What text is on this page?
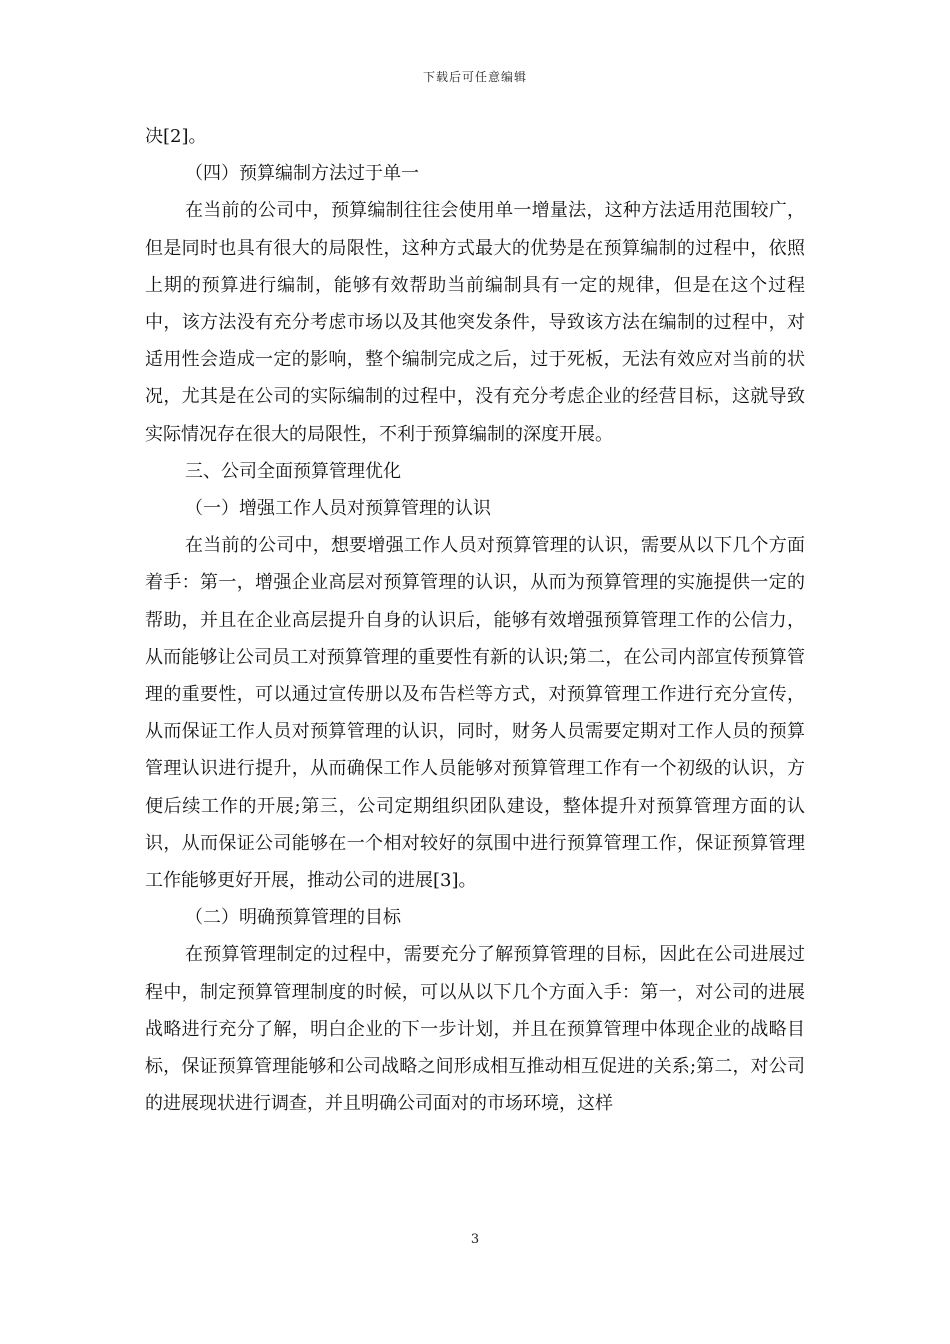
下载后可任意编辑

决[2]。

（四）预算编制方法过于单一

在当前的公司中，预算编制往往会使用单一增量法，这种方法适用范围较广，但是同时也具有很大的局限性，这种方式最大的优势是在预算编制的过程中，依照上期的预算进行编制，能够有效帮助当前编制具有一定的规律，但是在这个过程中，该方法没有充分考虑市场以及其他突发条件，导致该方法在编制的过程中，对适用性会造成一定的影响，整个编制完成之后，过于死板，无法有效应对当前的状况，尤其是在公司的实际编制的过程中，没有充分考虑企业的经营目标，这就导致实际情况存在很大的局限性，不利于预算编制的深度开展。

三、公司全面预算管理优化

（一）增强工作人员对预算管理的认识

在当前的公司中，想要增强工作人员对预算管理的认识，需要从以下几个方面着手：第一，增强企业高层对预算管理的认识，从而为预算管理的实施提供一定的帮助，并且在企业高层提升自身的认识后，能够有效增强预算管理工作的公信力，从而能够让公司员工对预算管理的重要性有新的认识;第二，在公司内部宣传预算管理的重要性，可以通过宣传册以及布告栏等方式，对预算管理工作进行充分宣传，从而保证工作人员对预算管理的认识，同时，财务人员需要定期对工作人员的预算管理认识进行提升，从而确保工作人员能够对预算管理工作有一个初级的认识，方便后续工作的开展;第三，公司定期组织团队建设，整体提升对预算管理方面的认识，从而保证公司能够在一个相对较好的氛围中进行预算管理工作，保证预算管理工作能够更好开展，推动公司的进展[3]。

（二）明确预算管理的目标

在预算管理制定的过程中，需要充分了解预算管理的目标，因此在公司进展过程中，制定预算管理制度的时候，可以从以下几个方面入手：第一，对公司的进展战略进行充分了解，明白企业的下一步计划，并且在预算管理中体现企业的战略目标，保证预算管理能够和公司战略之间形成相互推动相互促进的关系;第二，对公司的进展现状进行调查，并且明确公司面对的市场环境，这样

3
